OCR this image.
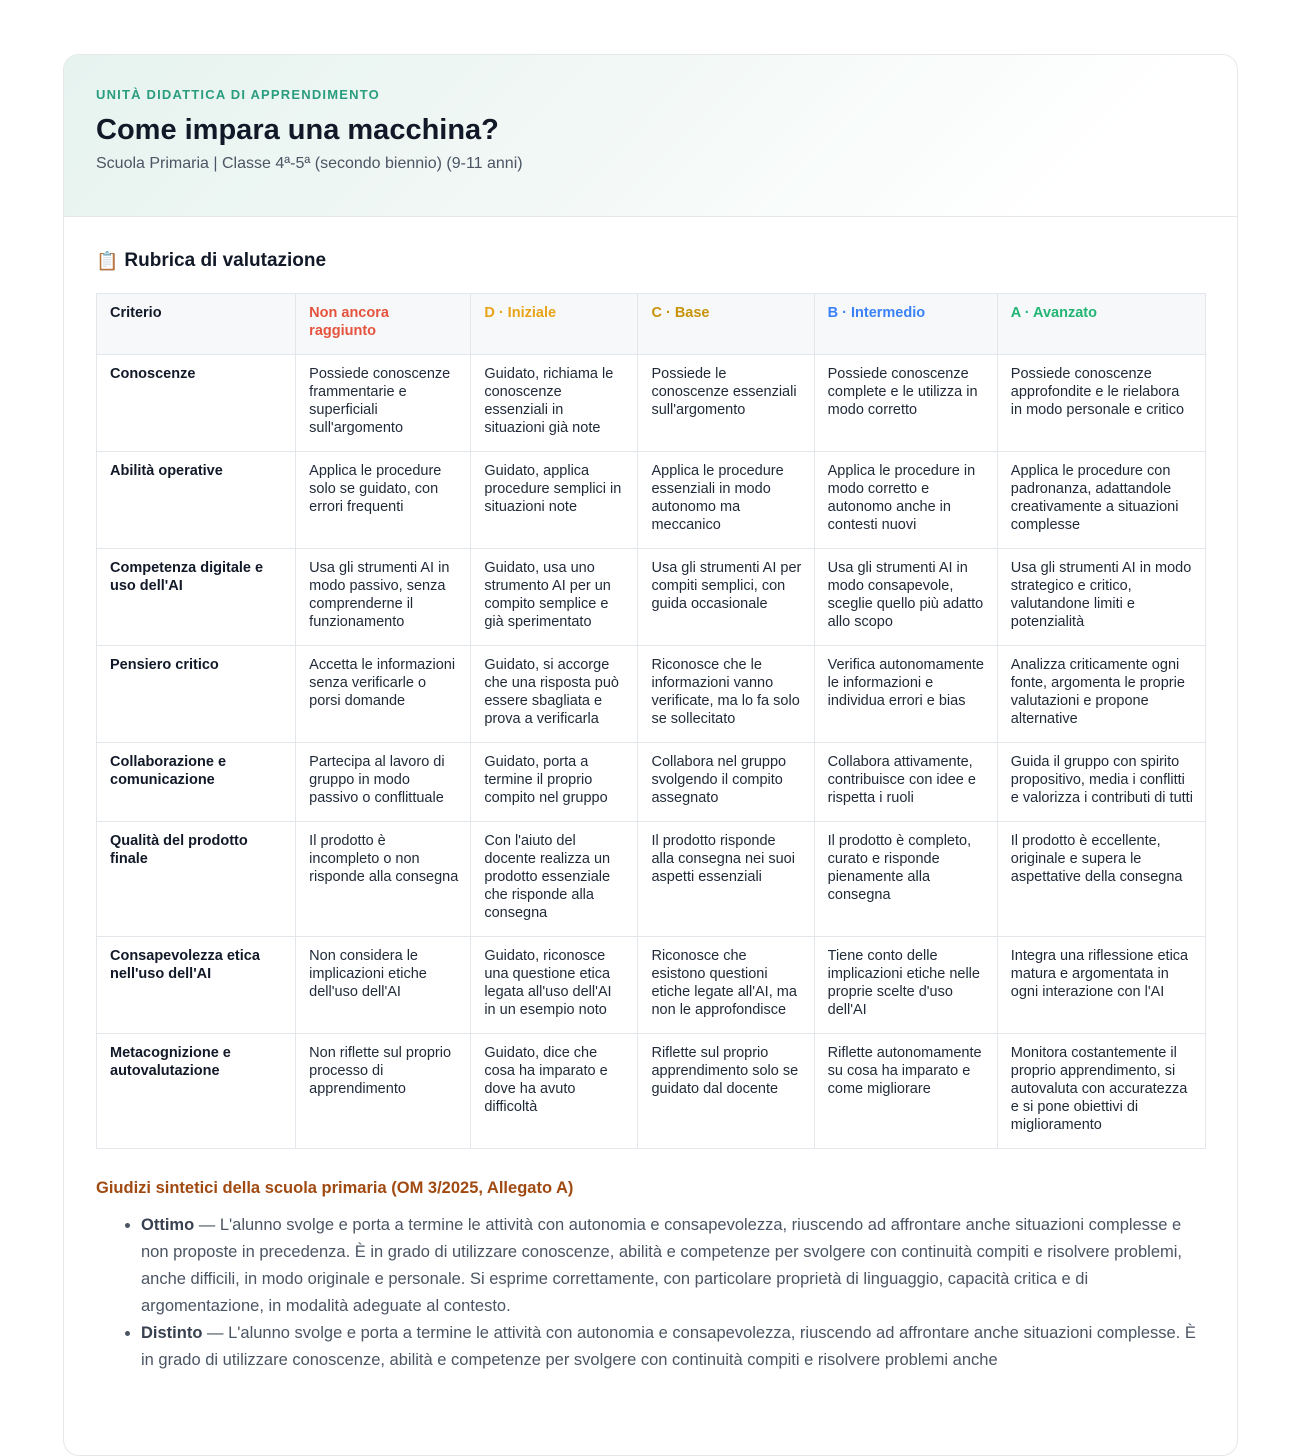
UNITÀ DIDATTICA DI APPRENDIMENTO
Come impara una macchina?
Scuola Primaria | Classe 4ª-5ª (secondo biennio) (9-11 anni)
📋 Rubrica di valutazione
Criterio	Non ancora raggiunto	D · Iniziale	C · Base	B · Intermedio	A · Avanzato
Conoscenze	Possiede conoscenze frammentarie e superficiali sull'argomento	Guidato, richiama le conoscenze essenziali in situazioni già note	Possiede le conoscenze essenziali sull'argomento	Possiede conoscenze complete e le utilizza in modo corretto	Possiede conoscenze approfondite e le rielabora in modo personale e critico
Abilità operative	Applica le procedure solo se guidato, con errori frequenti	Guidato, applica procedure semplici in situazioni note	Applica le procedure essenziali in modo autonomo ma meccanico	Applica le procedure in modo corretto e autonomo anche in contesti nuovi	Applica le procedure con padronanza, adattandole creativamente a situazioni complesse
Competenza digitale e uso dell'AI	Usa gli strumenti AI in modo passivo, senza comprenderne il funzionamento	Guidato, usa uno strumento AI per un compito semplice e già sperimentato	Usa gli strumenti AI per compiti semplici, con guida occasionale	Usa gli strumenti AI in modo consapevole, sceglie quello più adatto allo scopo	Usa gli strumenti AI in modo strategico e critico, valutandone limiti e potenzialità
Pensiero critico	Accetta le informazioni senza verificarle o porsi domande	Guidato, si accorge che una risposta può essere sbagliata e prova a verificarla	Riconosce che le informazioni vanno verificate, ma lo fa solo se sollecitato	Verifica autonomamente le informazioni e individua errori e bias	Analizza criticamente ogni fonte, argomenta le proprie valutazioni e propone alternative
Collaborazione e comunicazione	Partecipa al lavoro di gruppo in modo passivo o conflittuale	Guidato, porta a termine il proprio compito nel gruppo	Collabora nel gruppo svolgendo il compito assegnato	Collabora attivamente, contribuisce con idee e rispetta i ruoli	Guida il gruppo con spirito propositivo, media i conflitti e valorizza i contributi di tutti
Qualità del prodotto finale	Il prodotto è incompleto o non risponde alla consegna	Con l'aiuto del docente realizza un prodotto essenziale che risponde alla consegna	Il prodotto risponde alla consegna nei suoi aspetti essenziali	Il prodotto è completo, curato e risponde pienamente alla consegna	Il prodotto è eccellente, originale e supera le aspettative della consegna
Consapevolezza etica nell'uso dell'AI	Non considera le implicazioni etiche dell'uso dell'AI	Guidato, riconosce una questione etica legata all'uso dell'AI in un esempio noto	Riconosce che esistono questioni etiche legate all'AI, ma non le approfondisce	Tiene conto delle implicazioni etiche nelle proprie scelte d'uso dell'AI	Integra una riflessione etica matura e argomentata in ogni interazione con l'AI
Metacognizione e autovalutazione	Non riflette sul proprio processo di apprendimento	Guidato, dice che cosa ha imparato e dove ha avuto difficoltà	Riflette sul proprio apprendimento solo se guidato dal docente	Riflette autonomamente su cosa ha imparato e come migliorare	Monitora costantemente il proprio apprendimento, si autovaluta con accuratezza e si pone obiettivi di miglioramento
Giudizi sintetici della scuola primaria (OM 3/2025, Allegato A)
• Ottimo — L'alunno svolge e porta a termine le attività con autonomia e consapevolezza, riuscendo ad affrontare anche situazioni complesse e non proposte in precedenza. È in grado di utilizzare conoscenze, abilità e competenze per svolgere con continuità compiti e risolvere problemi, anche difficili, in modo originale e personale. Si esprime correttamente, con particolare proprietà di linguaggio, capacità critica e di argomentazione, in modalità adeguate al contesto.
• Distinto — L'alunno svolge e porta a termine le attività con autonomia e consapevolezza, riuscendo ad affrontare anche situazioni complesse. È in grado di utilizzare conoscenze, abilità e competenze per svolgere con continuità compiti e risolvere problemi anche
